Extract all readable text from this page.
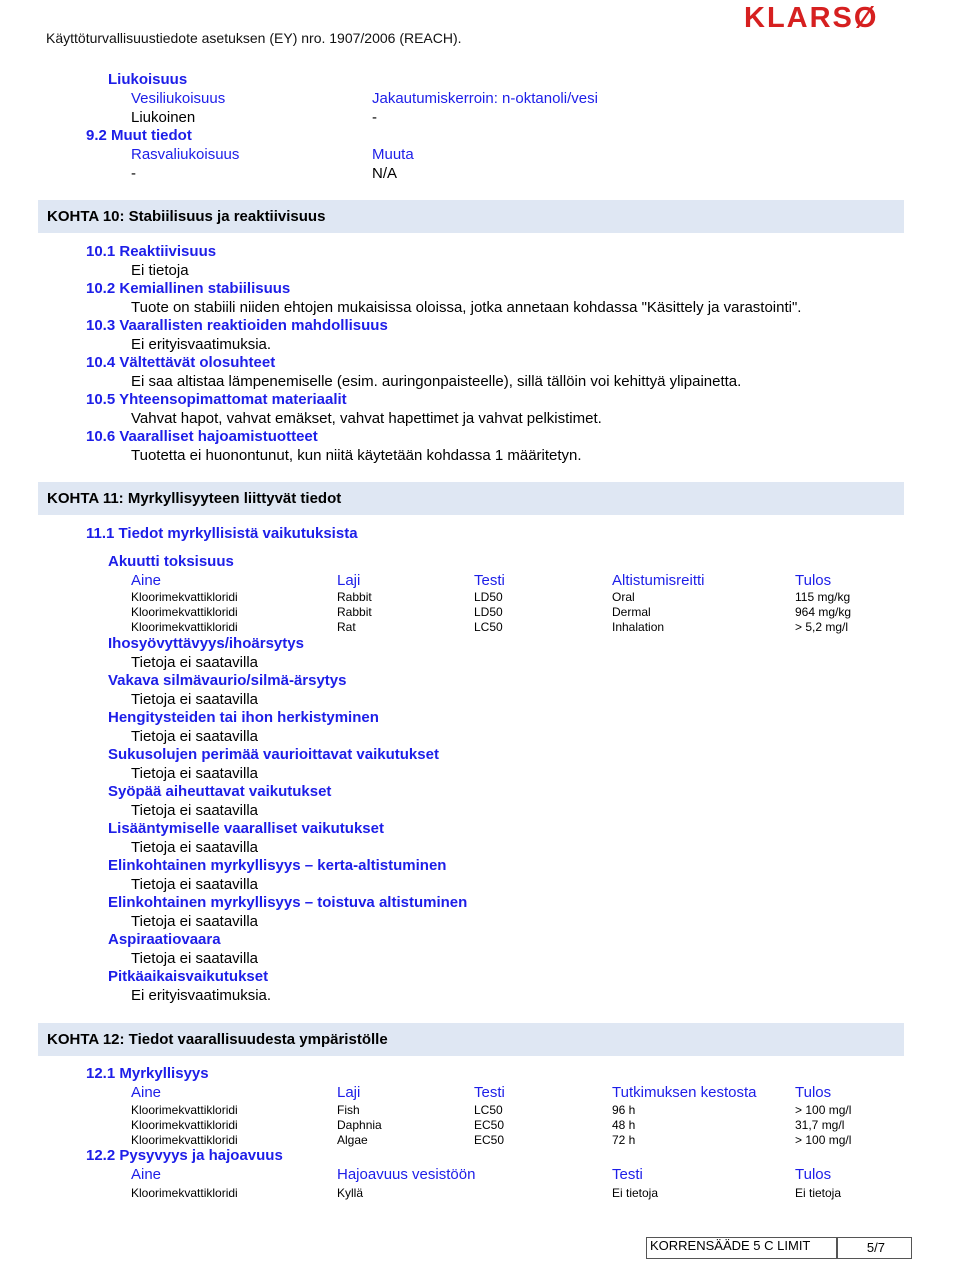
Käyttöturvallisuustiedote asetuksen (EY) nro. 1907/2006 (REACH).
KLARSØ
Liukoisuus
Vesiliukoisuus	Jakautumiskerroin: n-oktanoli/vesi
Liukoinen	-
9.2 Muut tiedot
Rasvaliukoisuus	Muuta
-	N/A
KOHTA 10: Stabiilisuus ja reaktiivisuus
10.1 Reaktiivisuus
Ei tietoja
10.2 Kemiallinen stabiilisuus
Tuote on stabiili niiden ehtojen mukaisissa oloissa, jotka annetaan kohdassa "Käsittely ja varastointi".
10.3 Vaarallisten reaktioiden mahdollisuus
Ei erityisvaatimuksia.
10.4 Vältettävät olosuhteet
Ei saa altistaa lämpenemiselle (esim. auringonpaisteelle), sillä tällöin voi kehittyä ylipainetta.
10.5 Yhteensopimattomat materiaalit
Vahvat hapot, vahvat emäkset, vahvat hapettimet ja vahvat pelkistimet.
10.6 Vaaralliset hajoamistuotteet
Tuotetta ei huonontunut, kun niitä käytetään kohdassa 1 määritetyn.
KOHTA 11: Myrkyllisyyteen liittyvät tiedot
11.1 Tiedot myrkyllisistä vaikutuksista
Akuutti toksisuus
Aine	Laji	Testi	Altistumisreitti	Tulos
Kloorimekvattikloridi	Rabbit	LD50	Oral	115 mg/kg
Kloorimekvattikloridi	Rabbit	LD50	Dermal	964 mg/kg
Kloorimekvattikloridi	Rat	LC50	Inhalation	> 5,2 mg/l
Ihosyövyttävyys/ihoärsytys
Tietoja ei saatavilla
Vakava silmävaurio/silmä-ärsytys
Tietoja ei saatavilla
Hengitysteiden tai ihon herkistyminen
Tietoja ei saatavilla
Sukusolujen perimää vaurioittavat vaikutukset
Tietoja ei saatavilla
Syöpää aiheuttavat vaikutukset
Tietoja ei saatavilla
Lisääntymiselle vaaralliset vaikutukset
Tietoja ei saatavilla
Elinkohtainen myrkyllisyys – kerta-altistuminen
Tietoja ei saatavilla
Elinkohtainen myrkyllisyys – toistuva altistuminen
Tietoja ei saatavilla
Aspiraatiovaara
Tietoja ei saatavilla
Pitkäaikaisvaikutukset
Ei erityisvaatimuksia.
KOHTA 12: Tiedot vaarallisuudesta ympäristölle
12.1 Myrkyllisyys
Aine	Laji	Testi	Tutkimuksen kestosta	Tulos
Kloorimekvattikloridi	Fish	LC50	96 h	> 100 mg/l
Kloorimekvattikloridi	Daphnia	EC50	48 h	31,7 mg/l
Kloorimekvattikloridi	Algae	EC50	72 h	> 100 mg/l
12.2 Pysyvyys ja hajoavuus
Aine	Hajoavuus vesistöön	Testi	Tulos
Kloorimekvattikloridi	Kyllä	Ei tietoja	Ei tietoja
KORRENSÄÄDE 5 C LIMIT	5/7
